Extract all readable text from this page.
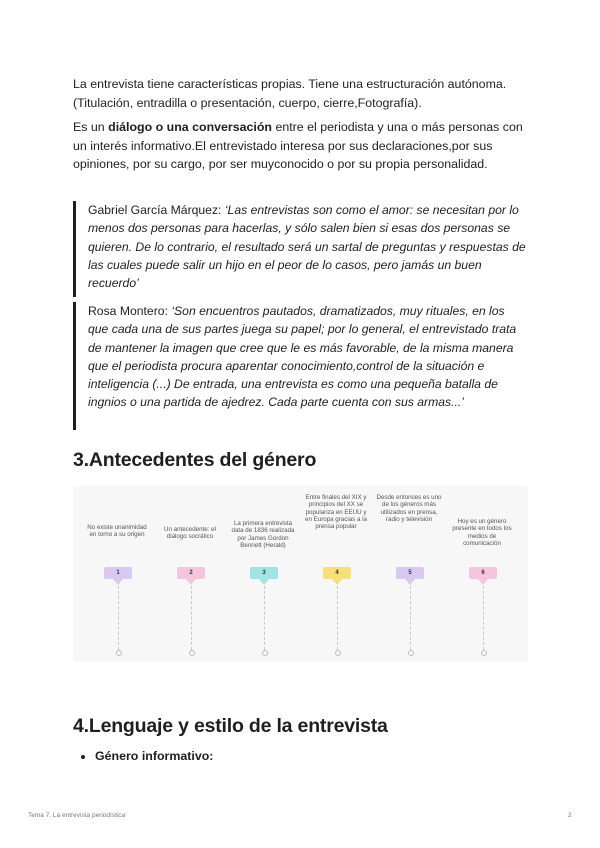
La entrevista tiene características propias. Tiene una estructuración autónoma. (Titulación, entradilla o presentación, cuerpo, cierre,Fotografía).

Es un diálogo o una conversación entre el periodista y una o más personas con un interés informativo.El entrevistado interesa por sus declaraciones,por sus opiniones, por su cargo, por ser muyconocido o por su propia personalidad.

Gabriel García Márquez: ‘Las entrevistas son como el amor: se necesitan por lo menos dos personas para hacerlas, y sólo salen bien si esas dos personas se quieren. De lo contrario, el resultado será un sartal de preguntas y respuestas de las cuales puede salir un hijo en el peor de lo casos, pero jamás un buen recuerdo’

Rosa Montero: ‘Son encuentros pautados, dramatizados, muy rituales, en los que cada una de sus partes juega su papel; por lo general, el entrevistado trata de mantener la imagen que cree que le es más favorable, de la misma manera que el periodista procura aparentar conocimiento,control de la situación e inteligencia (...) De entrada, una entrevista es como una pequeña batalla de ingnios o una partida de ajedrez. Cada parte cuenta con sus armas...’

3.Antecedentes del género
No existe unanimidad en torno a su origen
1
Un antecedente: el diálogo socrático
2
La primera entrevista data de 1836 realizada por James Gordon Bennett (Herald)
3
Entre finales del XIX y principios del XX se populariza en EEUU y en Europa gracias a la prensa popular
4
Desde entonces es uno de los géneros más utilizados en prensa, radio y televisión
5
Hoy es un género presente en todos los medios de comunicación
6
4.Lenguaje y estilo de la entrevista
• Género informativo:
Tema 7. La entrevista periodística	2
